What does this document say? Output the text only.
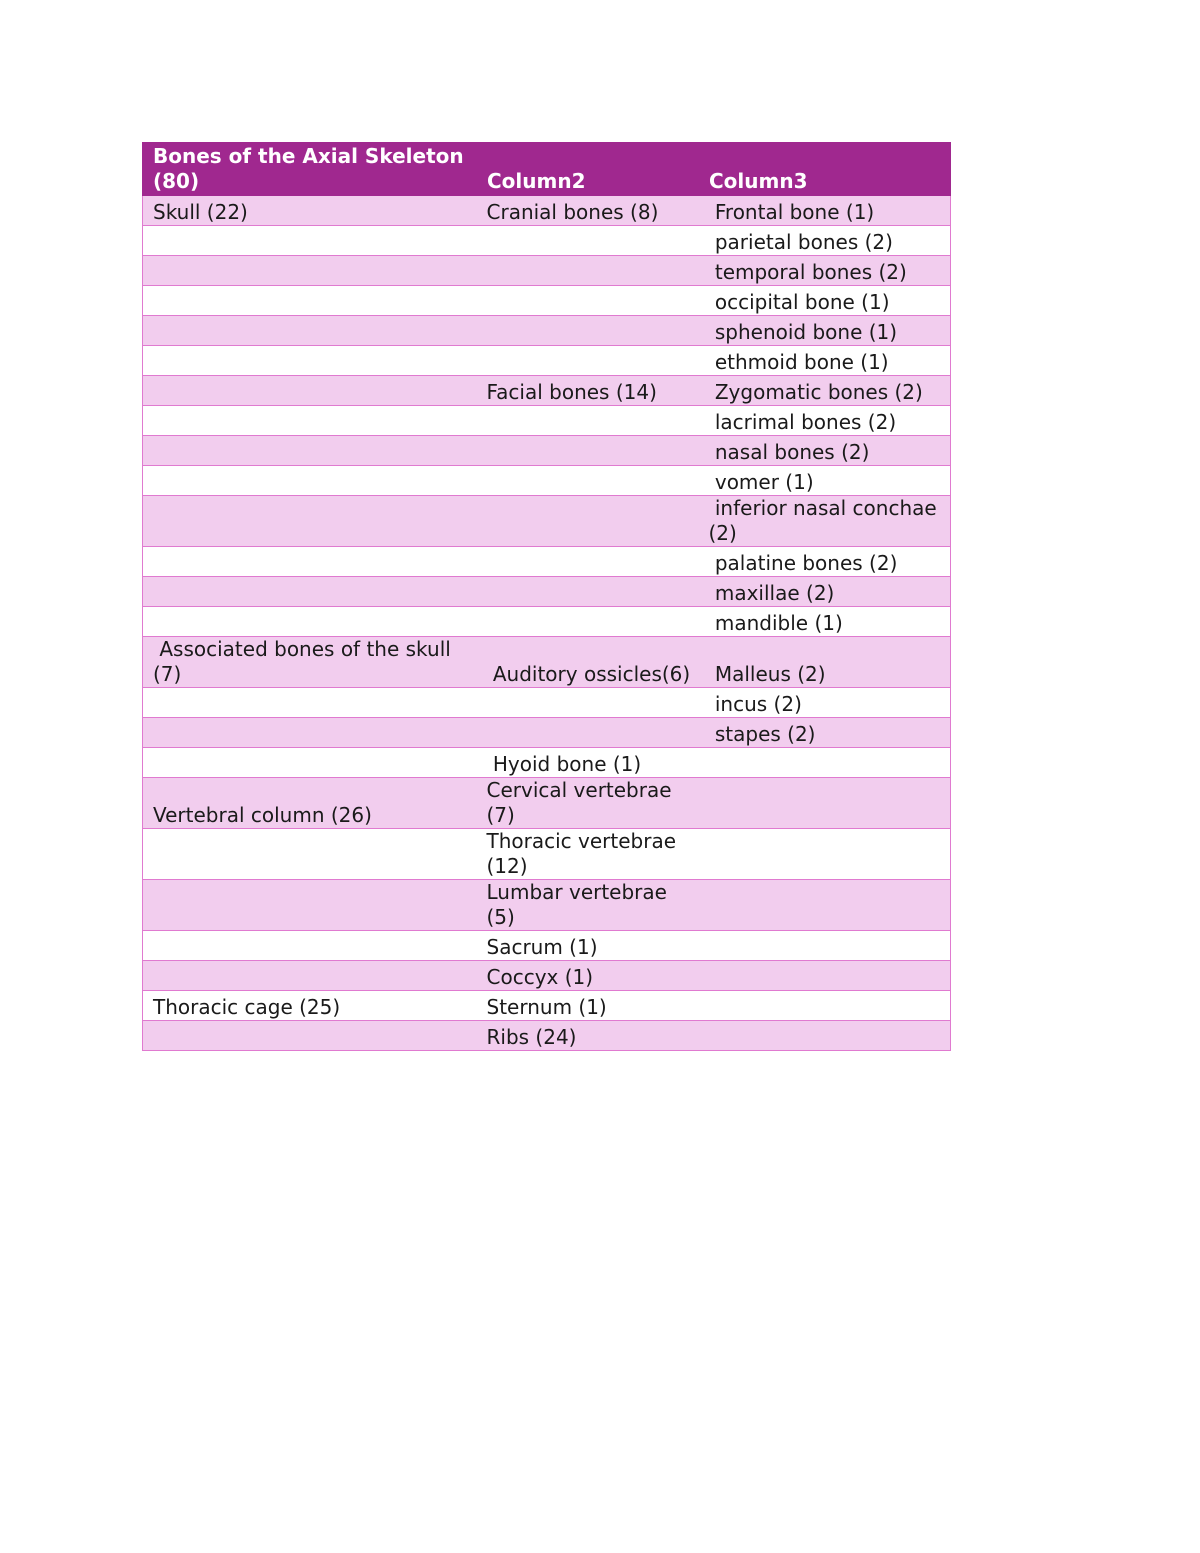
Bones of the Axial Skeleton (80)	Column2	Column3
Skull (22)	Cranial bones (8)	Frontal bone (1)
		parietal bones (2)
		temporal bones (2)
		occipital bone (1)
		sphenoid bone (1)
		ethmoid bone (1)
	Facial bones (14)	Zygomatic bones (2)
		lacrimal bones (2)
		nasal bones (2)
		vomer (1)
		inferior nasal conchae (2)
		palatine bones (2)
		maxillae (2)
		mandible (1)
Associated bones of the skull (7)	Auditory ossicles(6)	Malleus (2)
		incus (2)
		stapes (2)
	Hyoid bone (1)	
Vertebral column (26)	Cervical vertebrae (7)	
	Thoracic vertebrae (12)	
	Lumbar vertebrae (5)	
	Sacrum (1)	
	Coccyx (1)	
Thoracic cage (25)	Sternum (1)	
	Ribs (24)	
